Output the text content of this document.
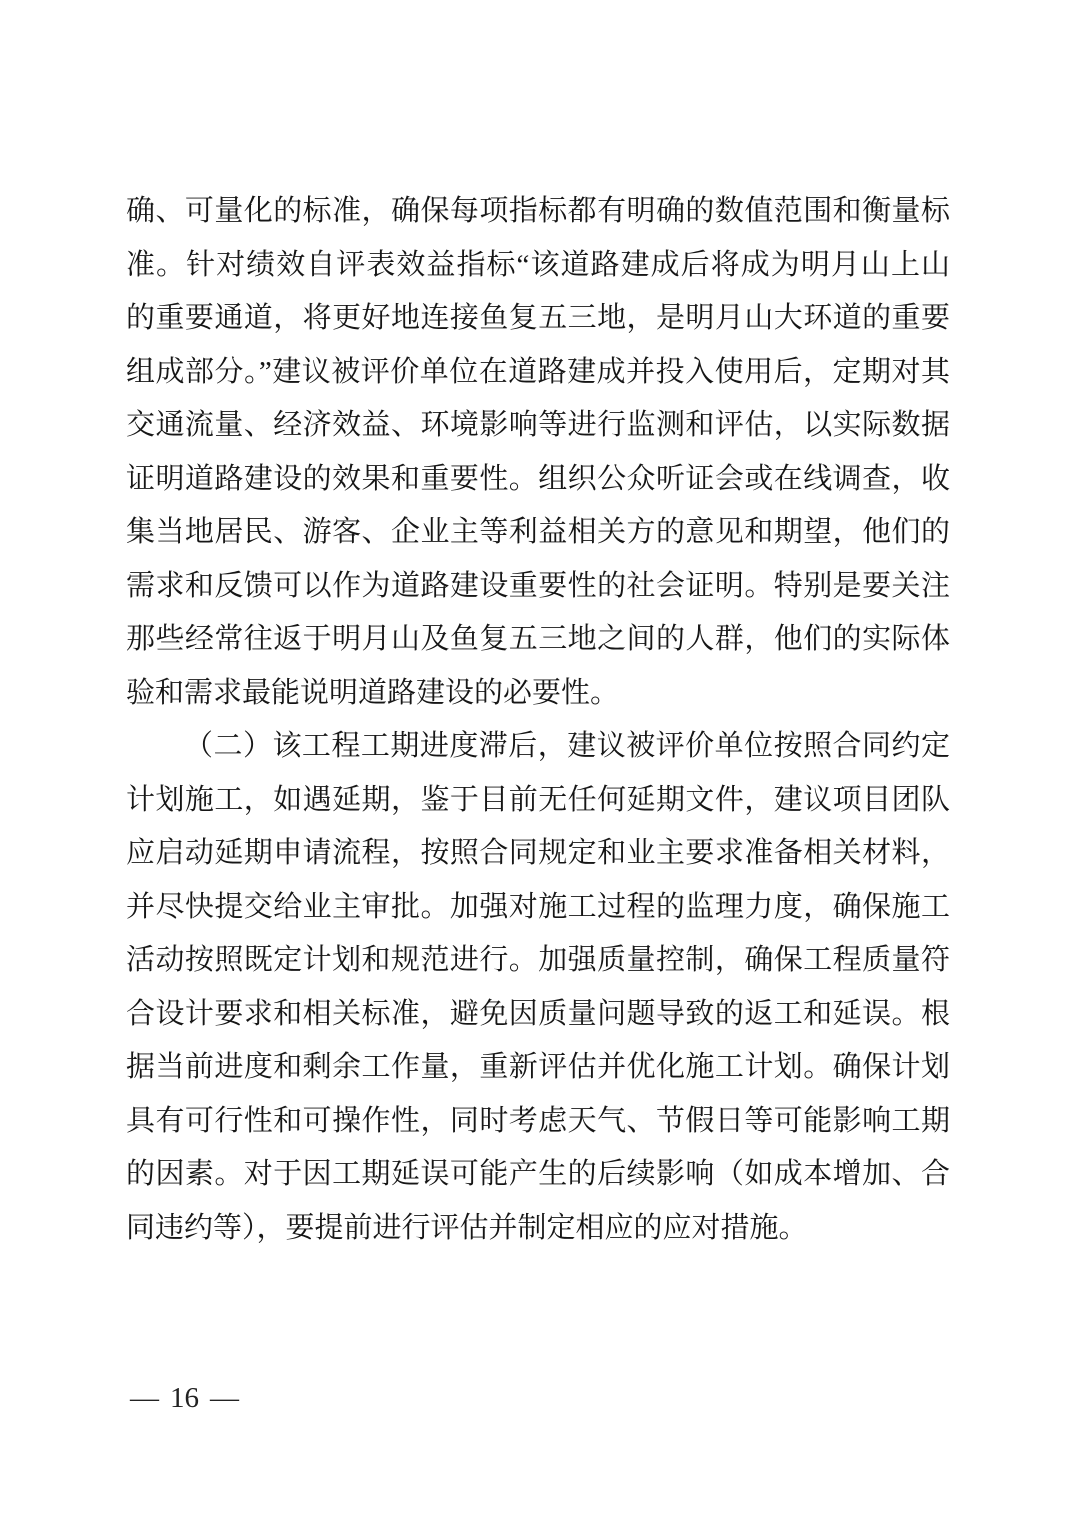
确、可量化的标准，确保每项指标都有明确的数值范围和衡量标准。针对绩效自评表效益指标“该道路建成后将成为明月山上山的重要通道，将更好地连接鱼复五三地，是明月山大环道的重要组成部分。”建议被评价单位在道路建成并投入使用后，定期对其交通流量、经济效益、环境影响等进行监测和评估，以实际数据证明道路建设的效果和重要性。组织公众听证会或在线调查，收集当地居民、游客、企业主等利益相关方的意见和期望，他们的需求和反馈可以作为道路建设重要性的社会证明。特别是要关注那些经常往返于明月山及鱼复五三地之间的人群，他们的实际体验和需求最能说明道路建设的必要性。

（二）该工程工期进度滞后，建议被评价单位按照合同约定计划施工，如遇延期，鉴于目前无任何延期文件，建议项目团队应启动延期申请流程，按照合同规定和业主要求准备相关材料，并尽快提交给业主审批。加强对施工过程的监理力度，确保施工活动按照既定计划和规范进行。加强质量控制，确保工程质量符合设计要求和相关标准，避免因质量问题导致的返工和延误。根据当前进度和剩余工作量，重新评估并优化施工计划。确保计划具有可行性和可操作性，同时考虑天气、节假日等可能影响工期的因素。对于因工期延误可能产生的后续影响（如成本增加、合同违约等），要提前进行评估并制定相应的应对措施。

— 16 —
